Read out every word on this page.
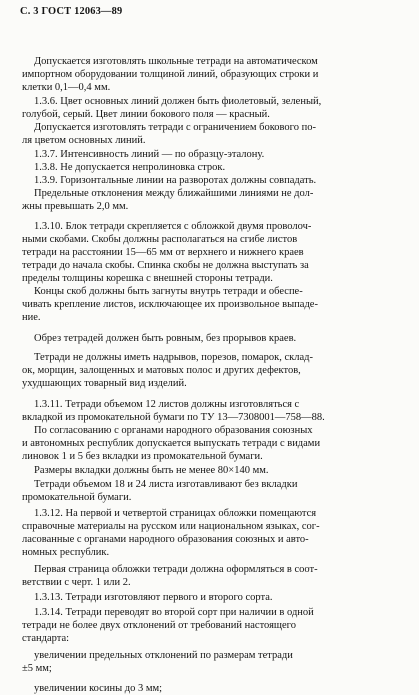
С. 3 ГОСТ 12063—89
Допускается изготовлять школьные тетради на автоматическом
импортном оборудовании толщиной линий, образующих строки и
клетки 0,1—0,4 мм.
1.3.6. Цвет основных линий должен быть фиолетовый, зеленый,
голубой, серый. Цвет линии бокового поля — красный.
Допускается изготовлять тетради с ограничением бокового по-
ля цветом основных линий.
1.3.7. Интенсивность линий — по образцу-эталону.
1.3.8. Не допускается непролиновка строк.
1.3.9. Горизонтальные линии на разворотах должны совпадать.
Предельные отклонения между ближайшими линиями не дол-
жны превышать 2,0 мм.
1.3.10. Блок тетради скрепляется с обложкой двумя проволоч-
ными скобами. Скобы должны располагаться на сгибе листов
тетради на расстоянии 15—65 мм от верхнего и нижнего краев
тетради до начала скобы. Спинка скобы не должна выступать за
пределы толщины корешка с внешней стороны тетради.
Концы скоб должны быть загнуты внутрь тетради и обеспе-
чивать крепление листов, исключающее их произвольное выпаде-
ние.
Обрез тетрадей должен быть ровным, без прорывов краев.
Тетради не должны иметь надрывов, порезов, помарок, склад-
ок, морщин, залощенных и матовых полос и других дефектов,
ухудшающих товарный вид изделий.
1.3.11. Тетради объемом 12 листов должны изготовляться с
вкладкой из промокательной бумаги по ТУ 13—7308001—758—88.
По согласованию с органами народного образования союзных
и автономных республик допускается выпускать тетради с видами
линовок 1 и 5 без вкладки из промокательной бумаги.
Размеры вкладки должны быть не менее 80×140 мм.
Тетради объемом 18 и 24 листа изготавливают без вкладки
промокательной бумаги.
1.3.12. На первой и четвертой страницах обложки помещаются
справочные материалы на русском или национальном языках, сог-
ласованные с органами народного образования союзных и авто-
номных республик.
Первая страница обложки тетради должна оформляться в соот-
ветствии с черт. 1 или 2.
1.3.13. Тетради изготовляют первого и второго сорта.
1.3.14. Тетради переводят во второй сорт при наличии в одной
тетради не более двух отклонений от требований настоящего
стандарта:
увеличении предельных отклонений по размерам тетради
±5 мм;
увеличении косины до 3 мм;
